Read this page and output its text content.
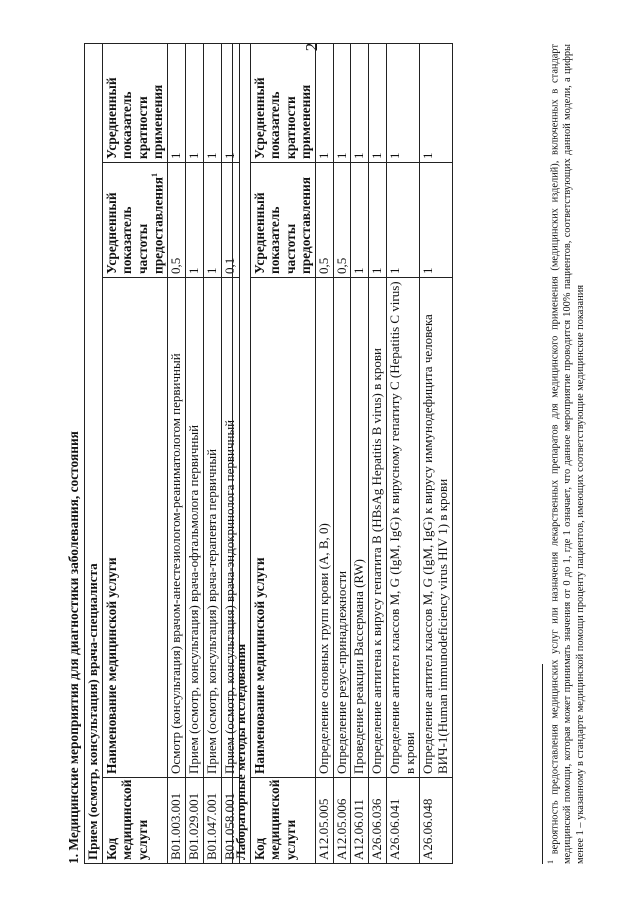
2
1. Медицинские мероприятия для диагностики заболевания, состояния Прием (осмотр, консультация) врача-специалиста			
Код медицинской услуги	Наименование медицинской услуги	Усредненный показатель частоты предоставления$^1$	Усредненный показатель кратности применения
B01.003.001	Осмотр (консультация) врачом-анестезиологом-реаниматологом первичный	0,5	1
B01.029.001	Прием (осмотр, консультация) врача-офтальмолога первичный	1	1
B01.047.001	Прием (осмотр, консультация) врача-терапевта первичный	1	1
B01.058.001	Прием (осмотр, консультация) врача-эндокринолога первичный	0,1	1
Лабораторные методы исследования			
Код медицинской услуги	Наименование медицинской услуги	Усредненный показатель частоты предоставления	Усредненный показатель кратности применения
A12.05.005	Определение основных групп крови (A, B, 0)	0,5	1
A12.05.006	Определение резус-принадлежности	0,5	1
A12.06.011	Проведение реакции Вассермана (RW)	1	1
A26.06.036	Определение антигена к вирусу гепатита B (HBsAg Hepatitis B virus) в крови	1	1
A26.06.041	Определение антител классов M, G (IgM, IgG) к вирусному гепатиту C (Hepatitis C virus) в крови	1	1
A26.06.048	Определение антител классов M, G (IgM, IgG) к вирусу иммунодефицита человека ВИЧ-1(Human immunodeficiency virus HIV 1) в крови	1	1
$^1$ вероятность предоставления медицинских услуг или назначения лекарственных препаратов для медицинского применения (медицинских изделий), включенных в стандарт медицинской помощи, которая может принимать значения от 0 до 1, где 1 означает, что данное мероприятие проводится 100% пациентов, соответствующих данной модели, а цифры менее 1 – указанному в стандарте медицинской помощи проценту пациентов, имеющих соответствующие медицинские показания
